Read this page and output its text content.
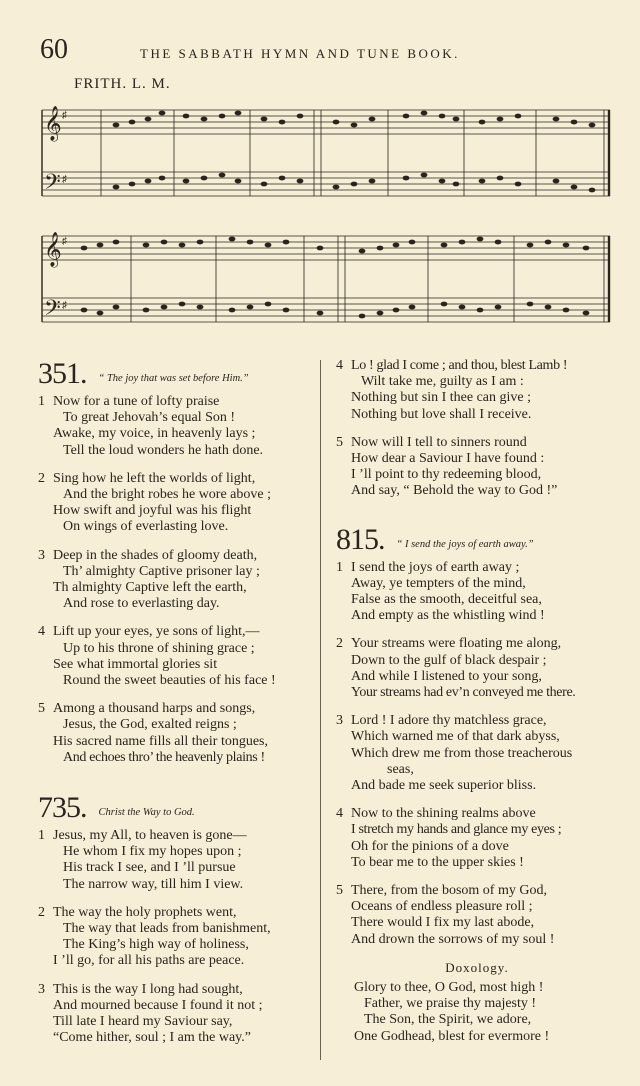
60	THE SABBATH HYMN AND TUNE BOOK.
FRITH. L. M.
𝄞
𝄢
♯
♯
𝄞
𝄢
♯
♯
351. “ The joy that was set before Him.”
1 Now for a tune of lofty praise
To great Jehovah’s equal Son !
Awake, my voice, in heavenly lays ;
Tell the loud wonders he hath done.
2 Sing how he left the worlds of light,
And the bright robes he wore above ;
How swift and joyful was his flight
On wings of everlasting love.
3 Deep in the shades of gloomy death,
Th’ almighty Captive prisoner lay ;
Th almighty Captive left the earth,
And rose to everlasting day.
4 Lift up your eyes, ye sons of light,—
Up to his throne of shining grace ;
See what immortal glories sit
Round the sweet beauties of his face !
5 Among a thousand harps and songs,
Jesus, the God, exalted reigns ;
His sacred name fills all their tongues,
And echoes thro’ the heavenly plains !
735. Christ the Way to God.
1 Jesus, my All, to heaven is gone—
He whom I fix my hopes upon ;
His track I see, and I ’ll pursue
The narrow way, till him I view.
2 The way the holy prophets went,
The way that leads from banishment,
The King’s high way of holiness,
I ’ll go, for all his paths are peace.
3 This is the way I long had sought,
And mourned because I found it not ;
Till late I heard my Saviour say,
“Come hither, soul ; I am the way.”
4 Lo ! glad I come ; and thou, blest Lamb !
Wilt take me, guilty as I am :
Nothing but sin I thee can give ;
Nothing but love shall I receive.
5 Now will I tell to sinners round
How dear a Saviour I have found :
I ’ll point to thy redeeming blood,
And say, “ Behold the way to God !”
815. “ I send the joys of earth away.”
1 I send the joys of earth away ;
Away, ye tempters of the mind,
False as the smooth, deceitful sea,
And empty as the whistling wind !
2 Your streams were floating me along,
Down to the gulf of black despair ;
And while I listened to your song,
Your streams had ev’n conveyed me there.
3 Lord ! I adore thy matchless grace,
Which warned me of that dark abyss,
Which drew me from those treacherous
seas,
And bade me seek superior bliss.
4 Now to the shining realms above
I stretch my hands and glance my eyes ;
Oh for the pinions of a dove
To bear me to the upper skies !
5 There, from the bosom of my God,
Oceans of endless pleasure roll ;
There would I fix my last abode,
And drown the sorrows of my soul !
Doxology.
Glory to thee, O God, most high !
Father, we praise thy majesty !
The Son, the Spirit, we adore,
One Godhead, blest for evermore !
